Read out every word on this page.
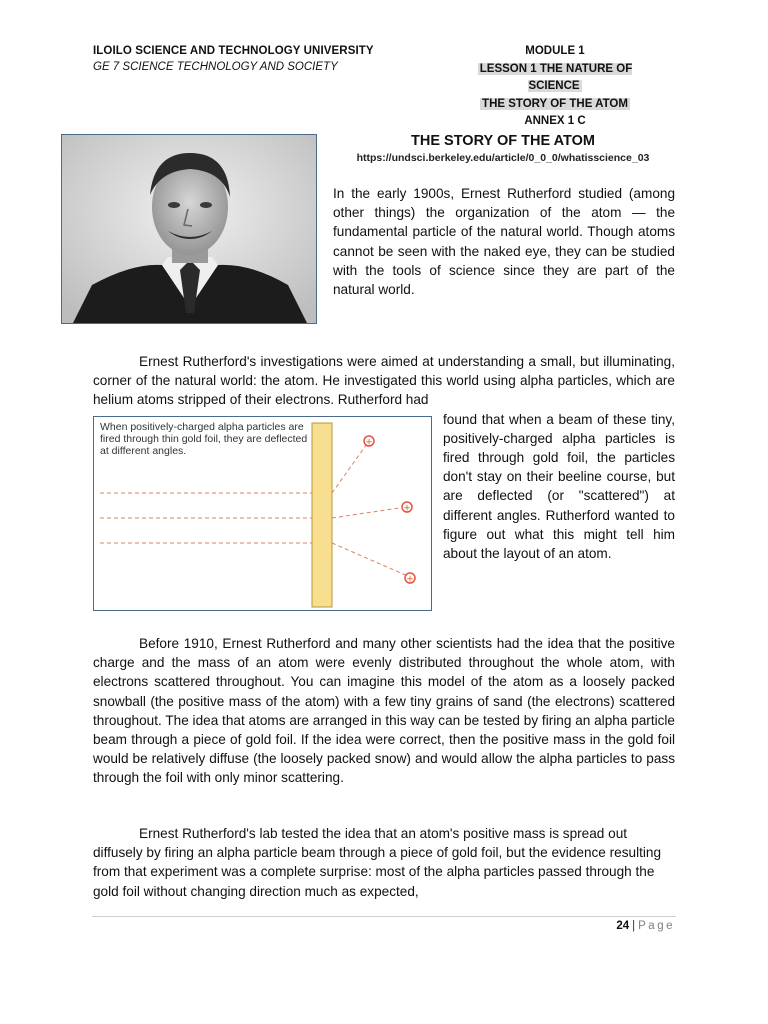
ILOILO SCIENCE AND TECHNOLOGY UNIVERSITY
GE 7 SCIENCE TECHNOLOGY AND SOCIETY
MODULE 1
LESSON 1 THE NATURE OF SCIENCE
THE STORY OF THE ATOM
ANNEX 1 C
THE STORY OF THE ATOM
https://undsci.berkeley.edu/article/0_0_0/whatisscience_03

In the early 1900s, Ernest Rutherford studied (among other things) the organization of the atom — the fundamental particle of the natural world. Though atoms cannot be seen with the naked eye, they can be studied with the tools of science since they are part of the natural world.

Ernest Rutherford's investigations were aimed at understanding a small, but illuminating, corner of the natural world: the atom. He investigated this world using alpha particles, which are helium atoms stripped of their electrons. Rutherford had

found that when a beam of these tiny, positively-charged alpha particles is fired through gold foil, the particles don't stay on their beeline course, but are deflected (or "scattered") at different angles. Rutherford wanted to figure out what this might tell him about the layout of an atom.

When positively-charged alpha particles are fired through thin gold foil, they are deflected at different angles.
+
+
+

Before 1910, Ernest Rutherford and many other scientists had the idea that the positive charge and the mass of an atom were evenly distributed throughout the whole atom, with electrons scattered throughout. You can imagine this model of the atom as a loosely packed snowball (the positive mass of the atom) with a few tiny grains of sand (the electrons) scattered throughout. The idea that atoms are arranged in this way can be tested by firing an alpha particle beam through a piece of gold foil. If the idea were correct, then the positive mass in the gold foil would be relatively diffuse (the loosely packed snow) and would allow the alpha particles to pass through the foil with only minor scattering.

Ernest Rutherford's lab tested the idea that an atom's positive mass is spread out diffusely by firing an alpha particle beam through a piece of gold foil, but the evidence resulting from that experiment was a complete surprise: most of the alpha particles passed through the gold foil without changing direction much as expected,

24 | Page
